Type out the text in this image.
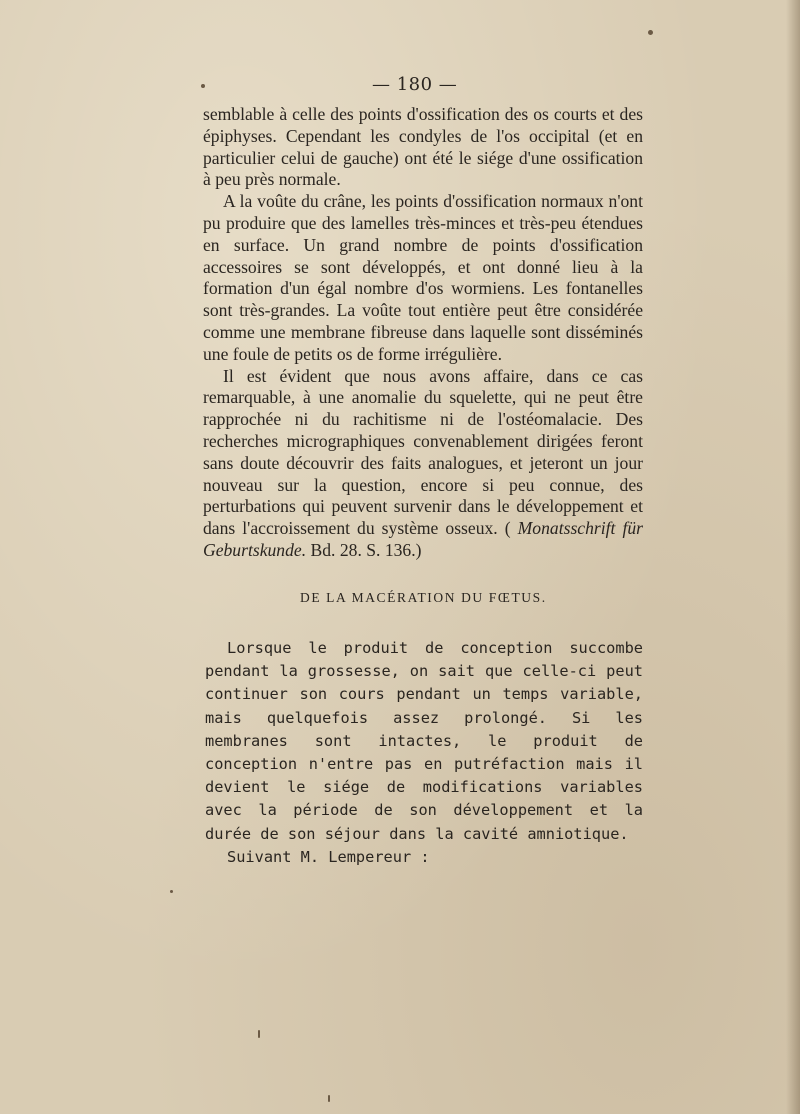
— 180 —

semblable à celle des points d'ossification des os courts et des épiphyses. Cependant les condyles de l'os occipital (et en particulier celui de gauche) ont été le siége d'une ossification à peu près normale.

A la voûte du crâne, les points d'ossification normaux n'ont pu produire que des lamelles très-minces et très-peu étendues en surface. Un grand nombre de points d'ossification accessoires se sont développés, et ont donné lieu à la formation d'un égal nombre d'os wormiens. Les fontanelles sont très-grandes. La voûte tout entière peut être considérée comme une membrane fibreuse dans laquelle sont disséminés une foule de petits os de forme irrégulière.

Il est évident que nous avons affaire, dans ce cas remarquable, à une anomalie du squelette, qui ne peut être rapprochée ni du rachitisme ni de l'ostéomalacie. Des recherches micrographiques convenablement dirigées feront sans doute découvrir des faits analogues, et jeteront un jour nouveau sur la question, encore si peu connue, des perturbations qui peuvent survenir dans le développement et dans l'accroissement du système osseux. ( Monatsschrift für Geburtskunde. Bd. 28. S. 136.)

DE LA MACÉRATION DU FŒTUS.

Lorsque le produit de conception succombe pendant la grossesse, on sait que celle-ci peut continuer son cours pendant un temps variable, mais quelquefois assez prolongé. Si les membranes sont intactes, le produit de conception n'entre pas en putréfaction mais il devient le siége de modifications variables avec la période de son développement et la durée de son séjour dans la cavité amniotique.

Suivant M. Lempereur :
